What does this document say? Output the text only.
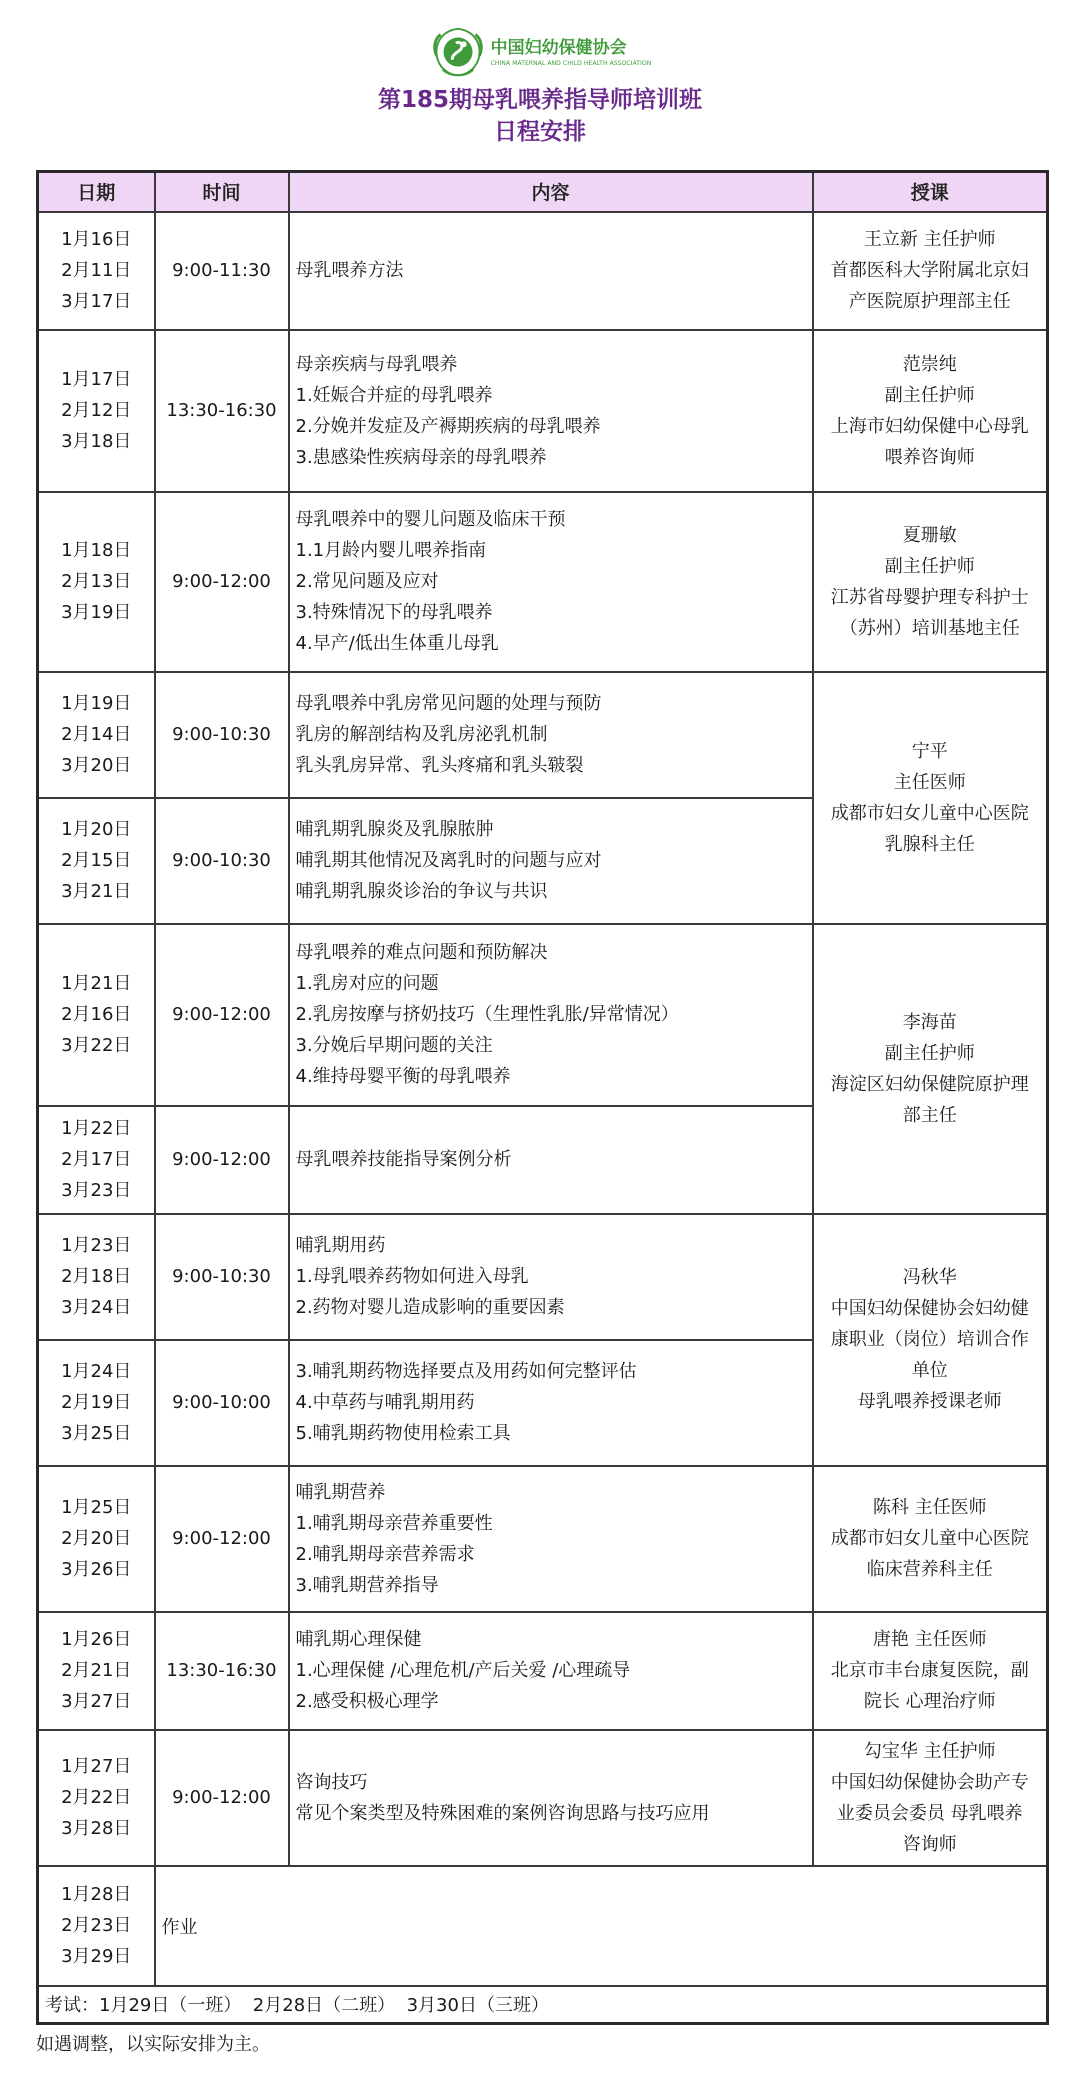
中国妇幼保健协会
CHINA MATERNAL AND CHILD HEALTH ASSOCIATION
第185期母乳喂养指导师培训班
日程安排
日期	时间	内容	授课

1月16日
2月11日
3月17日	9:00-11:30	母乳喂养方法	王立新 主任护师
首都医科大学附属北京妇
产医院原护理部主任

1月17日
2月12日
3月18日	13:30-16:30	母亲疾病与母乳喂养
1.妊娠合并症的母乳喂养
2.分娩并发症及产褥期疾病的母乳喂养
3.患感染性疾病母亲的母乳喂养	范崇纯
副主任护师
上海市妇幼保健中心母乳
喂养咨询师

1月18日
2月13日
3月19日	9:00-12:00	母乳喂养中的婴儿问题及临床干预
1.1月龄内婴儿喂养指南
2.常见问题及应对
3.特殊情况下的母乳喂养
4.早产/低出生体重儿母乳	夏珊敏
副主任护师
江苏省母婴护理专科护士
（苏州）培训基地主任

1月19日
2月14日
3月20日	9:00-10:30	母乳喂养中乳房常见问题的处理与预防
乳房的解剖结构及乳房泌乳机制
乳头乳房异常、乳头疼痛和乳头皲裂	宁平
主任医师
成都市妇女儿童中心医院
乳腺科主任

1月20日
2月15日
3月21日	9:00-10:30	哺乳期乳腺炎及乳腺脓肿
哺乳期其他情况及离乳时的问题与应对
哺乳期乳腺炎诊治的争议与共识	

1月21日
2月16日
3月22日	9:00-12:00	母乳喂养的难点问题和预防解决
1.乳房对应的问题
2.乳房按摩与挤奶技巧（生理性乳胀/异常情况）
3.分娩后早期问题的关注
4.维持母婴平衡的母乳喂养	李海苗
副主任护师
海淀区妇幼保健院原护理
部主任

1月22日
2月17日
3月23日	9:00-12:00	母乳喂养技能指导案例分析	

1月23日
2月18日
3月24日	9:00-10:30	哺乳期用药
1.母乳喂养药物如何进入母乳
2.药物对婴儿造成影响的重要因素	冯秋华
中国妇幼保健协会妇幼健
康职业（岗位）培训合作
单位
母乳喂养授课老师

1月24日
2月19日
3月25日	9:00-10:00	3.哺乳期药物选择要点及用药如何完整评估
4.中草药与哺乳期用药
5.哺乳期药物使用检索工具	

1月25日
2月20日
3月26日	9:00-12:00	哺乳期营养
1.哺乳期母亲营养重要性
2.哺乳期母亲营养需求
3.哺乳期营养指导	陈科 主任医师
成都市妇女儿童中心医院
临床营养科主任

1月26日
2月21日
3月27日	13:30-16:30	哺乳期心理保健
1.心理保健 /心理危机/产后关爱 /心理疏导
2.感受积极心理学	唐艳 主任医师
北京市丰台康复医院，副
院长 心理治疗师

1月27日
2月22日
3月28日	9:00-12:00	咨询技巧
常见个案类型及特殊困难的案例咨询思路与技巧应用	勾宝华 主任护师
中国妇幼保健协会助产专
业委员会委员 母乳喂养
咨询师

1月28日
2月23日
3月29日	作业		
考试：1月29日（一班）  2月28日（二班）  3月30日（三班）			
如遇调整，以实际安排为主。
